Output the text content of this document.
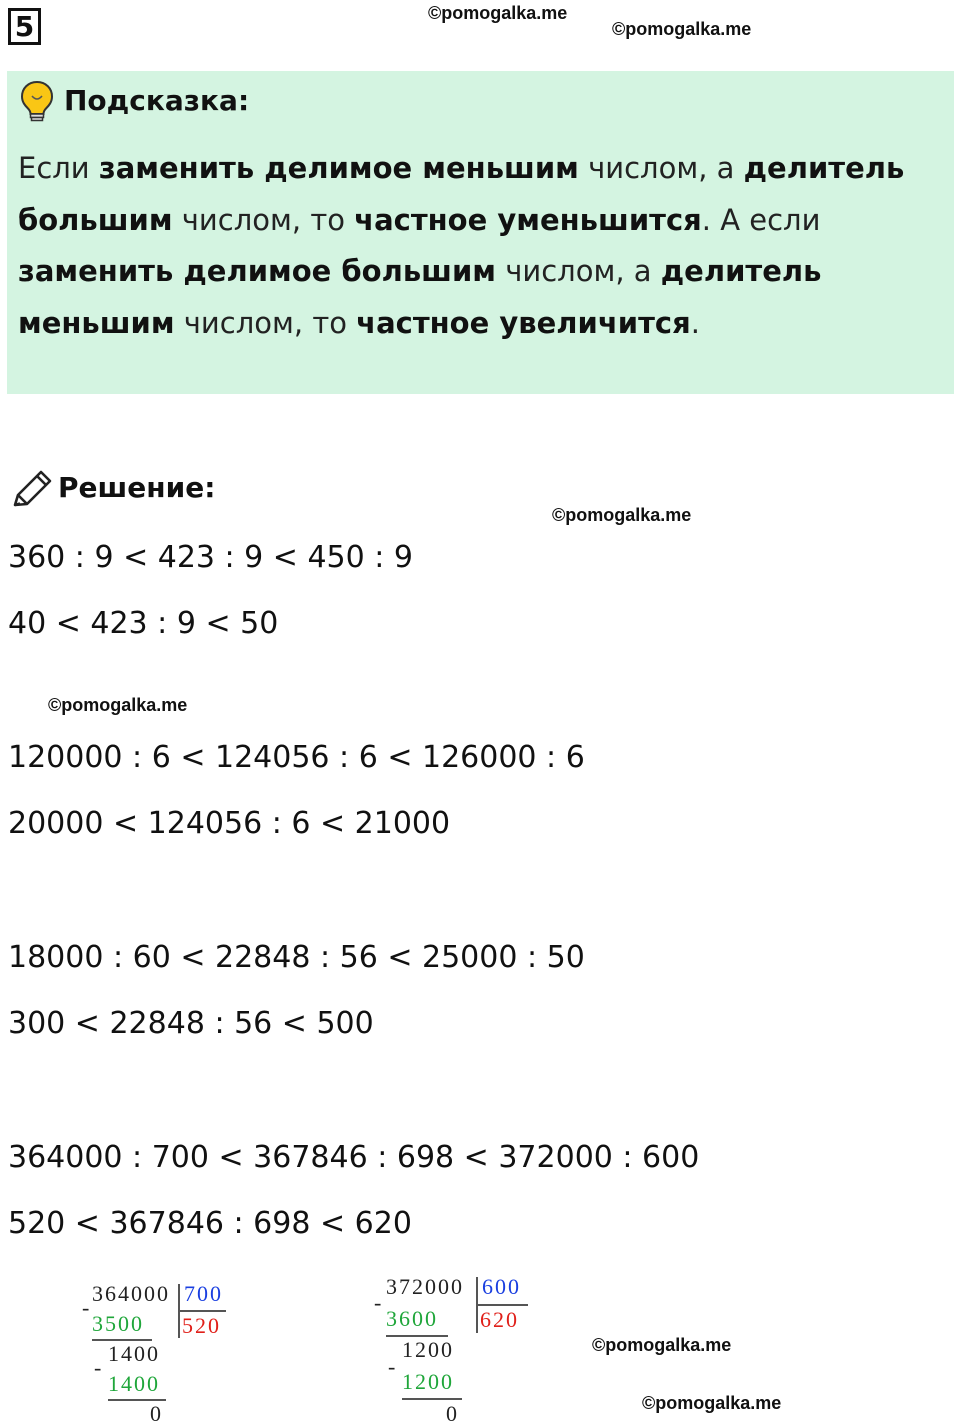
5	©pomogalka.me
©pomogalka.me
Подсказка:
Если заменить делимое меньшим числом, а делитель большим числом, то частное уменьшится. А если заменить делимое большим числом, а делитель меньшим числом, то частное увеличится.
Решение:
©pomogalka.me
360 : 9 < 423 : 9 < 450 : 9
40 < 423 : 9 < 50
©pomogalka.me
120000 : 6 < 124056 : 6 < 126000 : 6
20000 < 124056 : 6 < 21000
18000 : 60 < 22848 : 56 < 25000 : 50
300 < 22848 : 56 < 500
364000 : 700 < 367846 : 698 < 372000 : 600
520 < 367846 : 698 < 620
364000 700
-
3500 520
1400
-
1400
0
372000 600
-
3600 620
1200
-
1200
0
©pomogalka.me
©pomogalka.me
